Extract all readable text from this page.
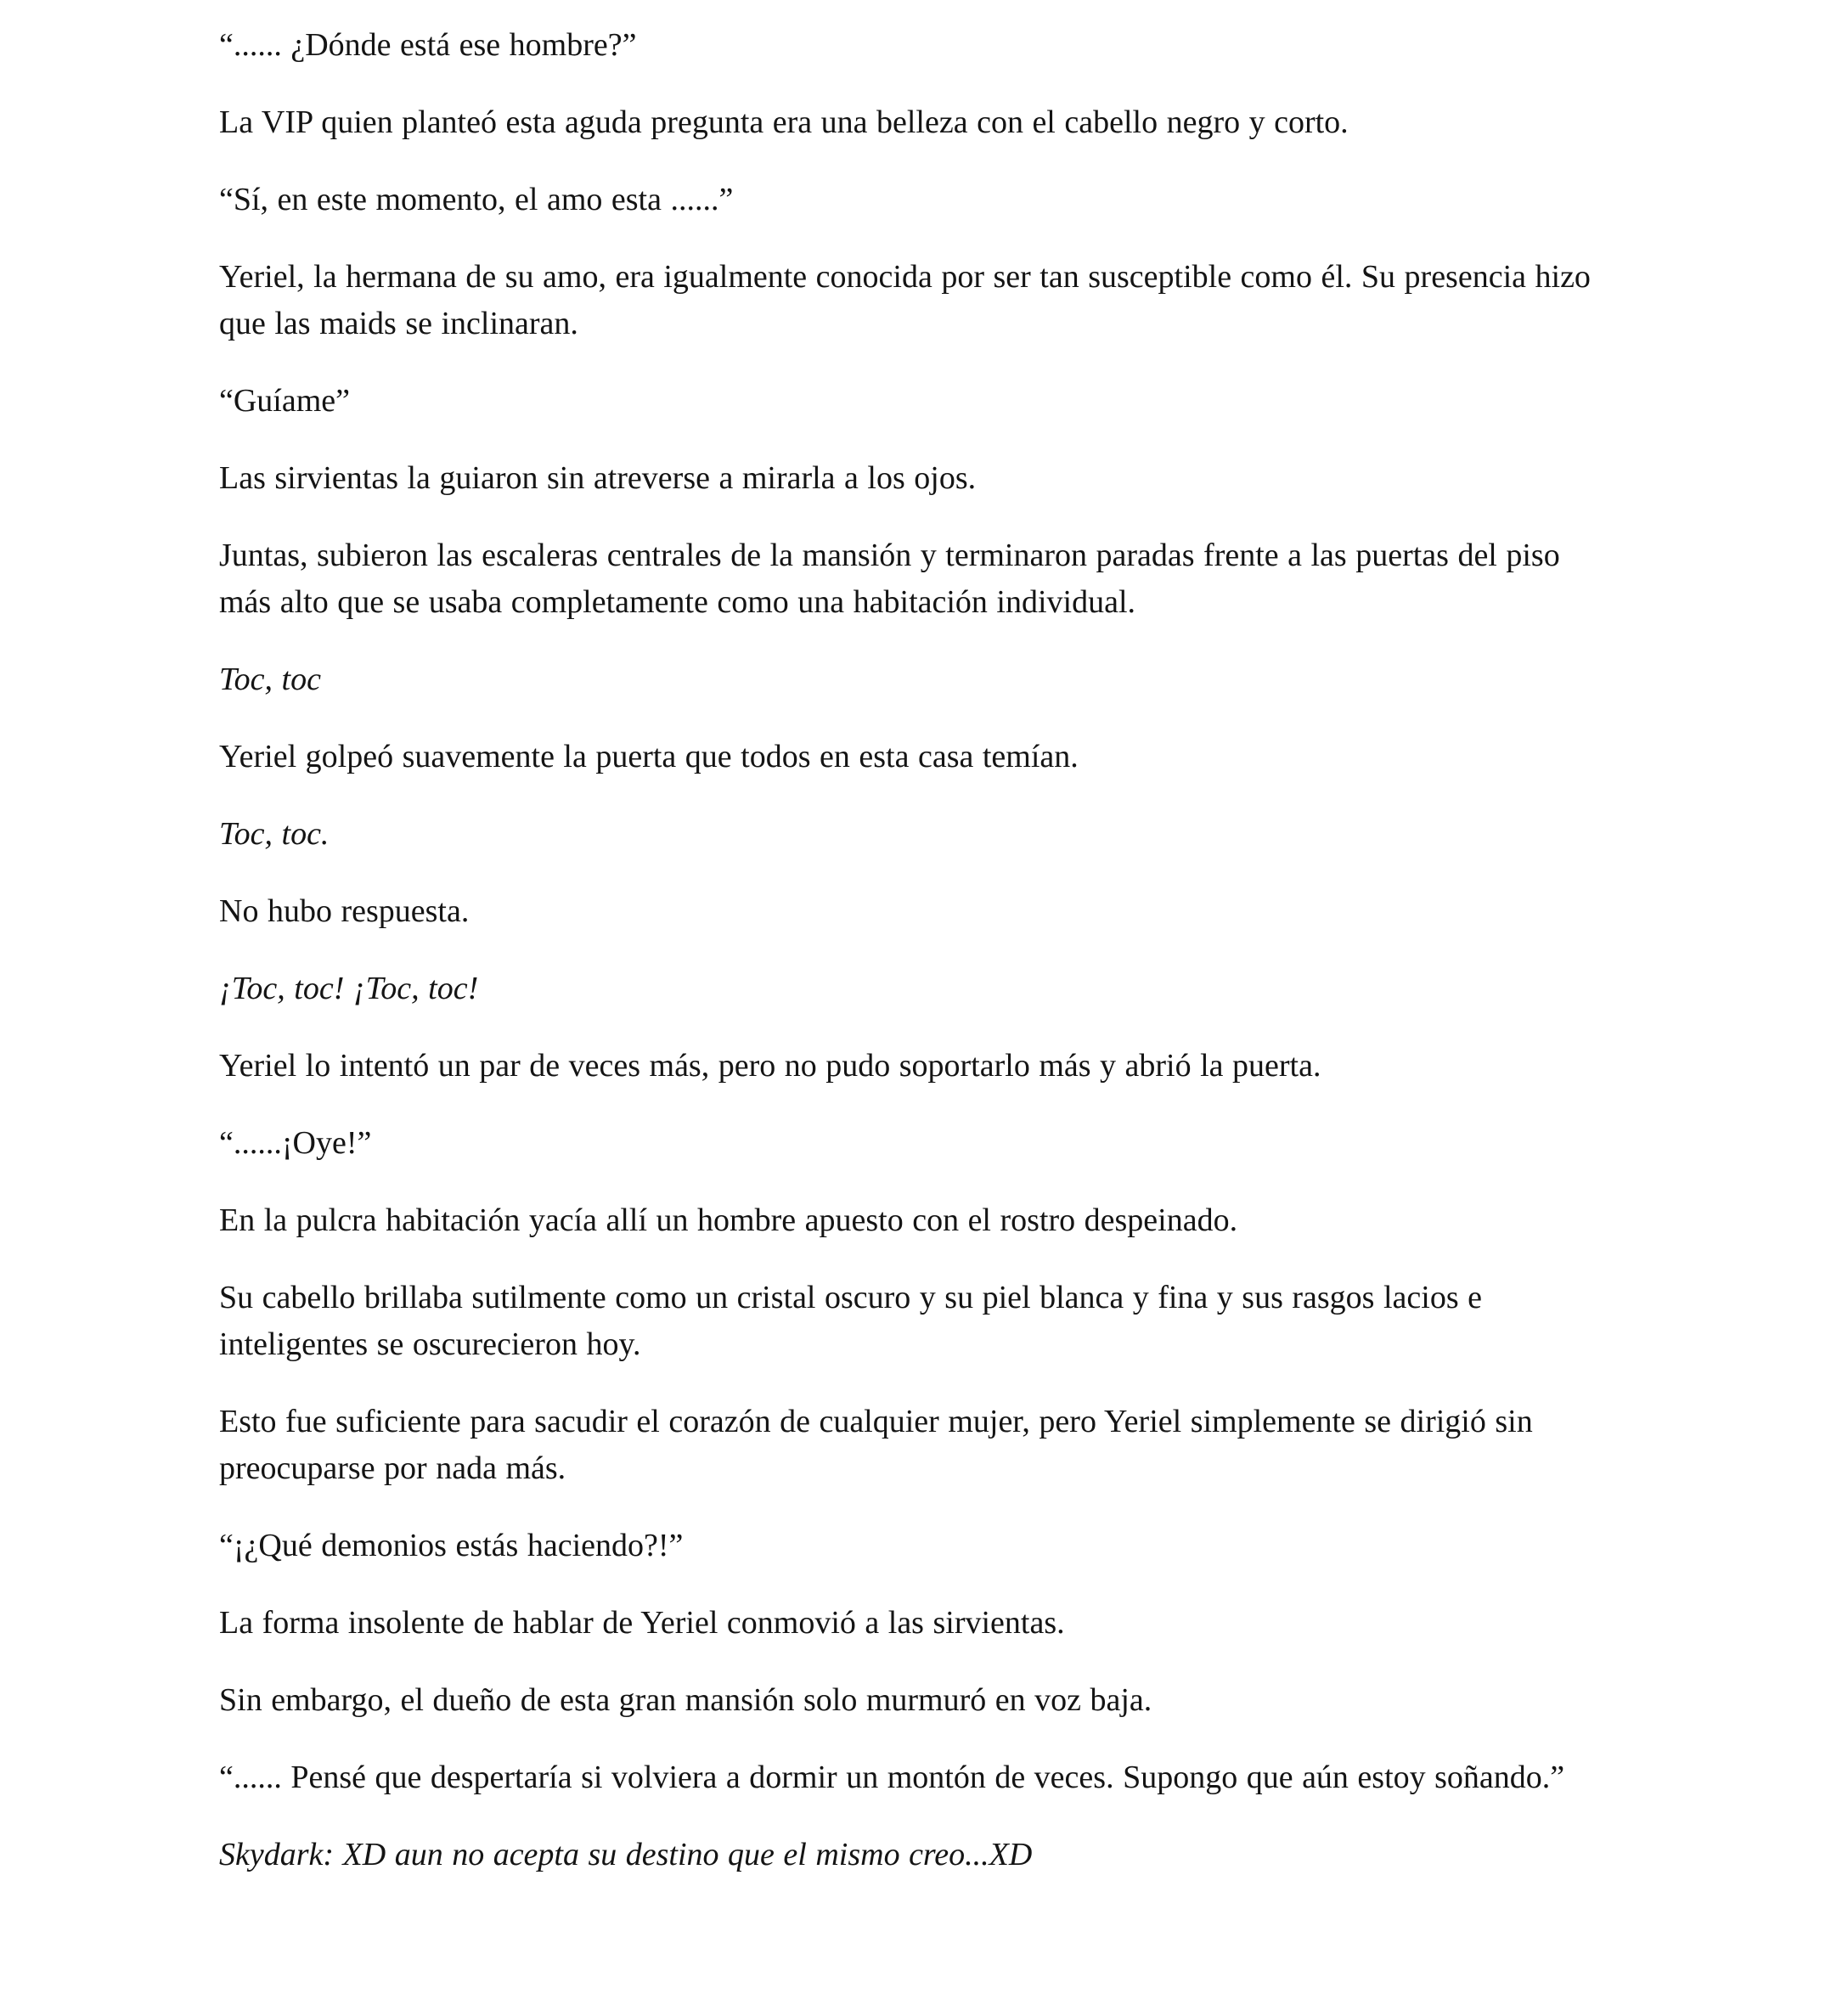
“...... ¿Dónde está ese hombre?”

La VIP quien planteó esta aguda pregunta era una belleza con el cabello negro y corto.

“Sí, en este momento, el amo esta ......”

Yeriel, la hermana de su amo, era igualmente conocida por ser tan susceptible como él. Su presencia hizo que las maids se inclinaran.

“Guíame”

Las sirvientas la guiaron sin atreverse a mirarla a los ojos.

Juntas, subieron las escaleras centrales de la mansión y terminaron paradas frente a las puertas del piso más alto que se usaba completamente como una habitación individual.

Toc, toc

Yeriel golpeó suavemente la puerta que todos en esta casa temían.

Toc, toc.

No hubo respuesta.

¡Toc, toc! ¡Toc, toc!

Yeriel lo intentó un par de veces más, pero no pudo soportarlo más y abrió la puerta.

“......¡Oye!”

En la pulcra habitación yacía allí un hombre apuesto con el rostro despeinado.

Su cabello brillaba sutilmente como un cristal oscuro y su piel blanca y fina y sus rasgos lacios e inteligentes se oscurecieron hoy.

Esto fue suficiente para sacudir el corazón de cualquier mujer, pero Yeriel simplemente se dirigió sin preocuparse por nada más.

“¡¿Qué demonios estás haciendo?!”

La forma insolente de hablar de Yeriel conmovió a las sirvientas.

Sin embargo, el dueño de esta gran mansión solo murmuró en voz baja.

“...... Pensé que despertaría si volviera a dormir un montón de veces. Supongo que aún estoy soñando.”

Skydark: XD aun no acepta su destino que el mismo creo...XD
